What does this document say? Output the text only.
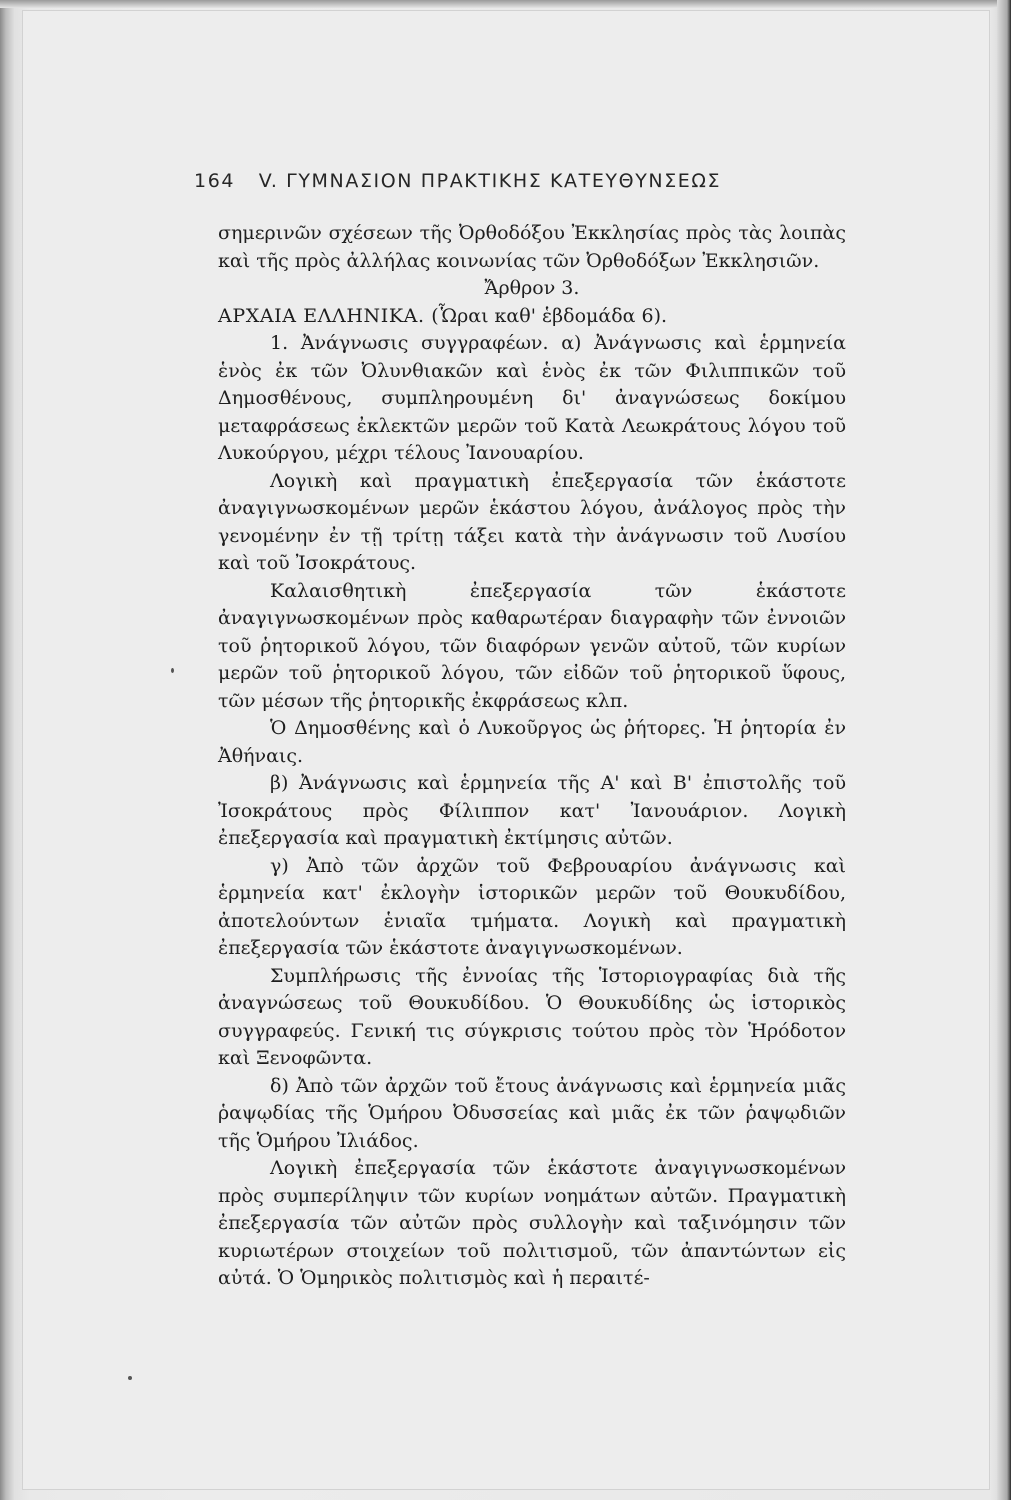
164 V. ΓΥΜΝΑΣΙΟΝ ΠΡΑΚΤΙΚΗΣ ΚΑΤΕΥΘΥΝΣΕΩΣ

σημερινῶν σχέσεων τῆς Ὀρθοδόξου Ἐκκλησίας πρὸς τὰς λοιπὰς καὶ τῆς πρὸς ἀλλήλας κοινωνίας τῶν Ὀρθοδόξων Ἐκκλησιῶν.

Ἄρθρον 3.

ΑΡΧΑΙΑ ΕΛΛΗΝΙΚΑ. (Ὧραι καθ' ἑβδομάδα 6).

1. Ἀνάγνωσις συγγραφέων. α) Ἀνάγνωσις καὶ ἑρμηνεία ἑνὸς ἐκ τῶν Ὀλυνθιακῶν καὶ ἑνὸς ἐκ τῶν Φιλιππικῶν τοῦ Δημοσθένους, συμπληρουμένη δι' ἀναγνώσεως δοκίμου μεταφράσεως ἐκλεκτῶν μερῶν τοῦ Κατὰ Λεωκράτους λόγου τοῦ Λυκούργου, μέχρι τέλους Ἰανουαρίου.

Λογικὴ καὶ πραγματικὴ ἐπεξεργασία τῶν ἑκάστοτε ἀναγιγνωσκομένων μερῶν ἑκάστου λόγου, ἀνάλογος πρὸς τὴν γενομένην ἐν τῇ τρίτῃ τάξει κατὰ τὴν ἀνάγνωσιν τοῦ Λυσίου καὶ τοῦ Ἰσοκράτους.

Καλαισθητικὴ ἐπεξεργασία τῶν ἑκάστοτε ἀναγιγνωσκομένων πρὸς καθαρωτέραν διαγραφὴν τῶν ἐννοιῶν τοῦ ῥητορικοῦ λόγου, τῶν διαφόρων γενῶν αὐτοῦ, τῶν κυρίων μερῶν τοῦ ῥητορικοῦ λόγου, τῶν εἰδῶν τοῦ ῥητορικοῦ ὕφους, τῶν μέσων τῆς ῥητορικῆς ἐκφράσεως κλπ.

Ὁ Δημοσθένης καὶ ὁ Λυκοῦργος ὡς ῥήτορες. Ἡ ῥητορία ἐν Ἀθήναις.

β) Ἀνάγνωσις καὶ ἑρμηνεία τῆς Α' καὶ Β' ἐπιστολῆς τοῦ Ἰσοκράτους πρὸς Φίλιππον κατ' Ἰανουάριον. Λογικὴ ἐπεξεργασία καὶ πραγματικὴ ἐκτίμησις αὐτῶν.

γ) Ἀπὸ τῶν ἀρχῶν τοῦ Φεβρουαρίου ἀνάγνωσις καὶ ἑρμηνεία κατ' ἐκλογὴν ἱστορικῶν μερῶν τοῦ Θουκυδίδου, ἀποτελούντων ἑνιαῖα τμήματα. Λογικὴ καὶ πραγματικὴ ἐπεξεργασία τῶν ἑκάστοτε ἀναγιγνωσκομένων.

Συμπλήρωσις τῆς ἐννοίας τῆς Ἱστοριογραφίας διὰ τῆς ἀναγνώσεως τοῦ Θουκυδίδου. Ὁ Θουκυδίδης ὡς ἱστορικὸς συγγραφεύς. Γενική τις σύγκρισις τούτου πρὸς τὸν Ἡρόδοτον καὶ Ξενοφῶντα.

δ) Ἀπὸ τῶν ἀρχῶν τοῦ ἔτους ἀνάγνωσις καὶ ἑρμηνεία μιᾶς ῥαψῳδίας τῆς Ὁμήρου Ὀδυσσείας καὶ μιᾶς ἐκ τῶν ῥαψῳδιῶν τῆς Ὁμήρου Ἰλιάδος.

Λογικὴ ἐπεξεργασία τῶν ἑκάστοτε ἀναγιγνωσκομένων πρὸς συμπερίληψιν τῶν κυρίων νοημάτων αὐτῶν. Πραγματικὴ ἐπεξεργασία τῶν αὐτῶν πρὸς συλλογὴν καὶ ταξινόμησιν τῶν κυριωτέρων στοιχείων τοῦ πολιτισμοῦ, τῶν ἀπαντώντων εἰς αὐτά. Ὁ Ὁμηρικὸς πολιτισμὸς καὶ ἡ περαιτέ-
